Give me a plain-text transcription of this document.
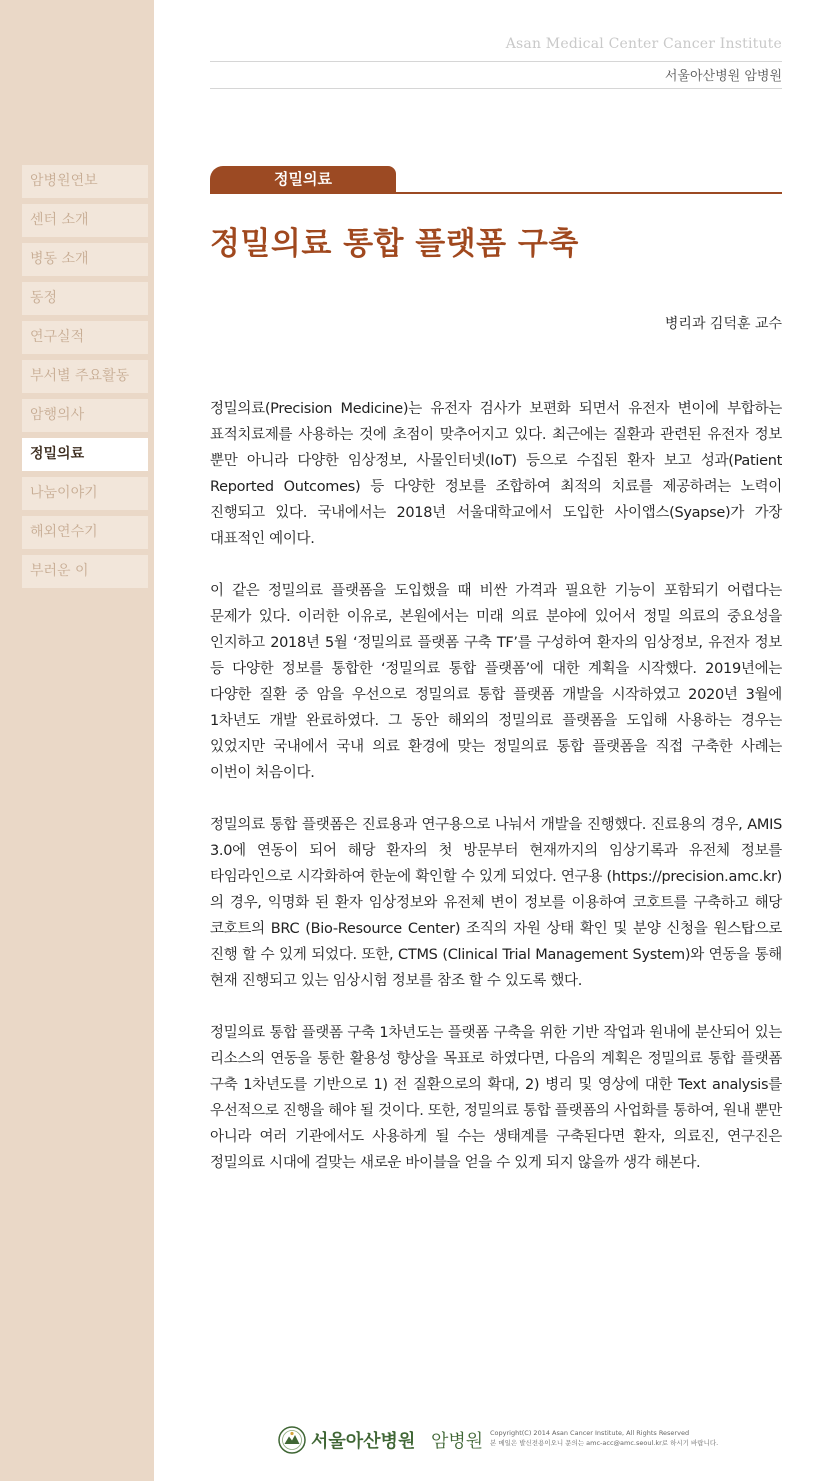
암병원연보
센터 소개
병동 소개
동정
연구실적
부서별 주요활동
암행의사
정밀의료
나눔이야기
해외연수기
부러운 이
Asan Medical Center Cancer Institute
서울아산병원 암병원
정밀의료
정밀의료 통합 플랫폼 구축
병리과 김덕훈 교수

정밀의료(Precision Medicine)는 유전자 검사가 보편화 되면서 유전자 변이에 부합하는 표적치료제를 사용하는 것에 초점이 맞추어지고 있다. 최근에는 질환과 관련된 유전자 정보 뿐만 아니라 다양한 임상정보, 사물인터넷(IoT) 등으로 수집된 환자 보고 성과(Patient Reported Outcomes) 등 다양한 정보를 조합하여 최적의 치료를 제공하려는 노력이 진행되고 있다. 국내에서는 2018년 서울대학교에서 도입한 사이앱스(Syapse)가 가장 대표적인 예이다.

이 같은 정밀의료 플랫폼을 도입했을 때 비싼 가격과 필요한 기능이 포함되기 어렵다는 문제가 있다. 이러한 이유로, 본원에서는 미래 의료 분야에 있어서 정밀 의료의 중요성을 인지하고 2018년 5월 ‘정밀의료 플랫폼 구축 TF’를 구성하여 환자의 임상정보, 유전자 정보 등 다양한 정보를 통합한 ‘정밀의료 통합 플랫폼’에 대한 계획을 시작했다. 2019년에는 다양한 질환 중 암을 우선으로 정밀의료 통합 플랫폼 개발을 시작하였고 2020년 3월에 1차년도 개발 완료하였다. 그 동안 해외의 정밀의료 플랫폼을 도입해 사용하는 경우는 있었지만 국내에서 국내 의료 환경에 맞는 정밀의료 통합 플랫폼을 직접 구축한 사례는 이번이 처음이다.

정밀의료 통합 플랫폼은 진료용과 연구용으로 나눠서 개발을 진행했다. 진료용의 경우, AMIS 3.0에 연동이 되어 해당 환자의 첫 방문부터 현재까지의 임상기록과 유전체 정보를 타임라인으로 시각화하여 한눈에 확인할 수 있게 되었다. 연구용 (https://precision.amc.kr)의 경우, 익명화 된 환자 임상정보와 유전체 변이 정보를 이용하여 코호트를 구축하고 해당 코호트의 BRC (Bio-Resource Center) 조직의 자원 상태 확인 및 분양 신청을 원스탑으로 진행 할 수 있게 되었다. 또한, CTMS (Clinical Trial Management System)와 연동을 통해 현재 진행되고 있는 임상시험 정보를 참조 할 수 있도록 했다.

정밀의료 통합 플랫폼 구축 1차년도는 플랫폼 구축을 위한 기반 작업과 원내에 분산되어 있는 리소스의 연동을 통한 활용성 향상을 목표로 하였다면, 다음의 계획은 정밀의료 통합 플랫폼 구축 1차년도를 기반으로 1) 전 질환으로의 확대, 2) 병리 및 영상에 대한 Text analysis를 우선적으로 진행을 해야 될 것이다. 또한, 정밀의료 통합 플랫폼의 사업화를 통하여, 원내 뿐만 아니라 여러 기관에서도 사용하게 될 수는 생태계를 구축된다면 환자, 의료진, 연구진은 정밀의료 시대에 걸맞는 새로운 바이블을 얻을 수 있게 되지 않을까 생각 해본다.

서울아산병원 암병원 Copyright(C) 2014 Asan Cancer Institute, All Rights Reserved
본 메일은 발신전용이오니 문의는 amc-acc@amc.seoul.kr로 하시기 바랍니다.
